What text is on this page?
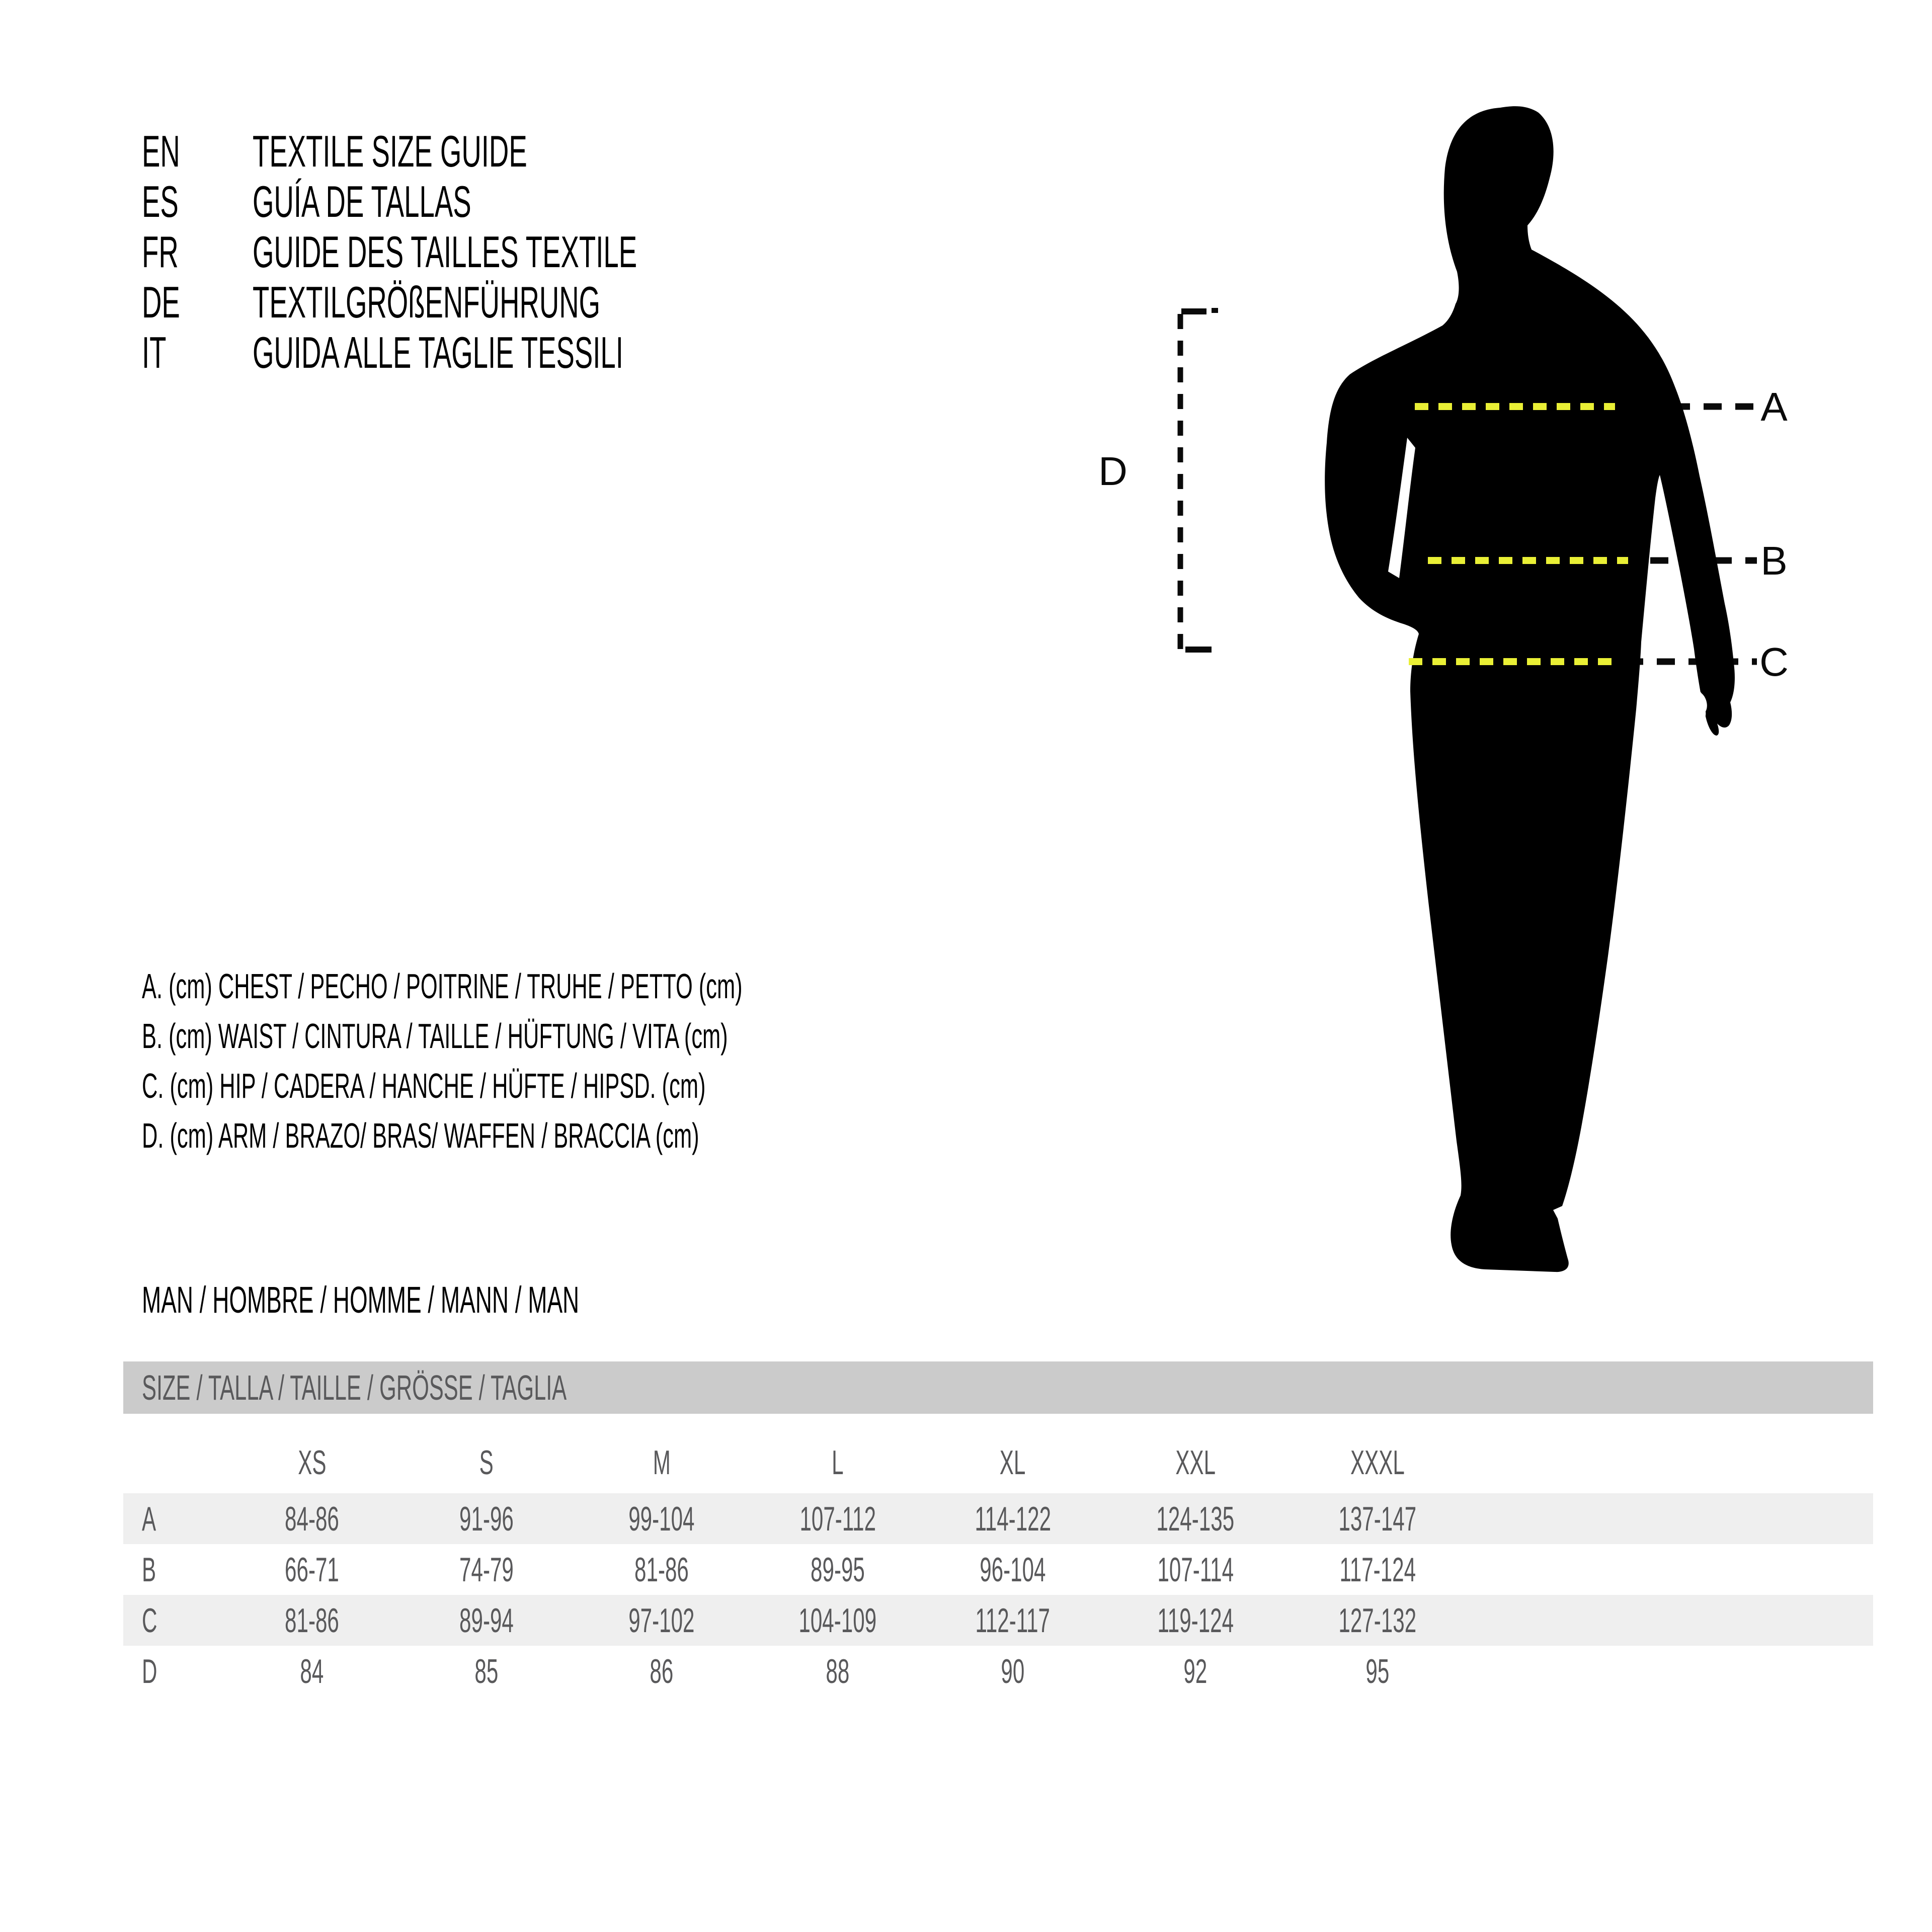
EN	TEXTILE SIZE GUIDE
ES	GUÍA DE TALLAS
FR	GUIDE DES TAILLES TEXTILE
DE	TEXTILGRÖßENFÜHRUNG
IT	GUIDA ALLE TAGLIE TESSILI
A
B
C
D
A. (cm) CHEST / PECHO / POITRINE / TRUHE / PETTO (cm)
B. (cm) WAIST / CINTURA / TAILLE / HÜFTUNG / VITA (cm)
C. (cm) HIP / CADERA / HANCHE / HÜFTE / HIPSD. (cm)
D. (cm) ARM / BRAZO/ BRAS/ WAFFEN / BRACCIA (cm)
MAN / HOMBRE / HOMME / MANN / MAN
SIZE / TALLA / TAILLE / GRÖSSE / TAGLIA
XS	S	M	L	XL	XXL	XXXL
A	84-86	91-96	99-104	107-112	114-122	124-135	137-147
B	66-71	74-79	81-86	89-95	96-104	107-114	117-124
C	81-86	89-94	97-102	104-109	112-117	119-124	127-132
D	84	85	86	88	90	92	95
